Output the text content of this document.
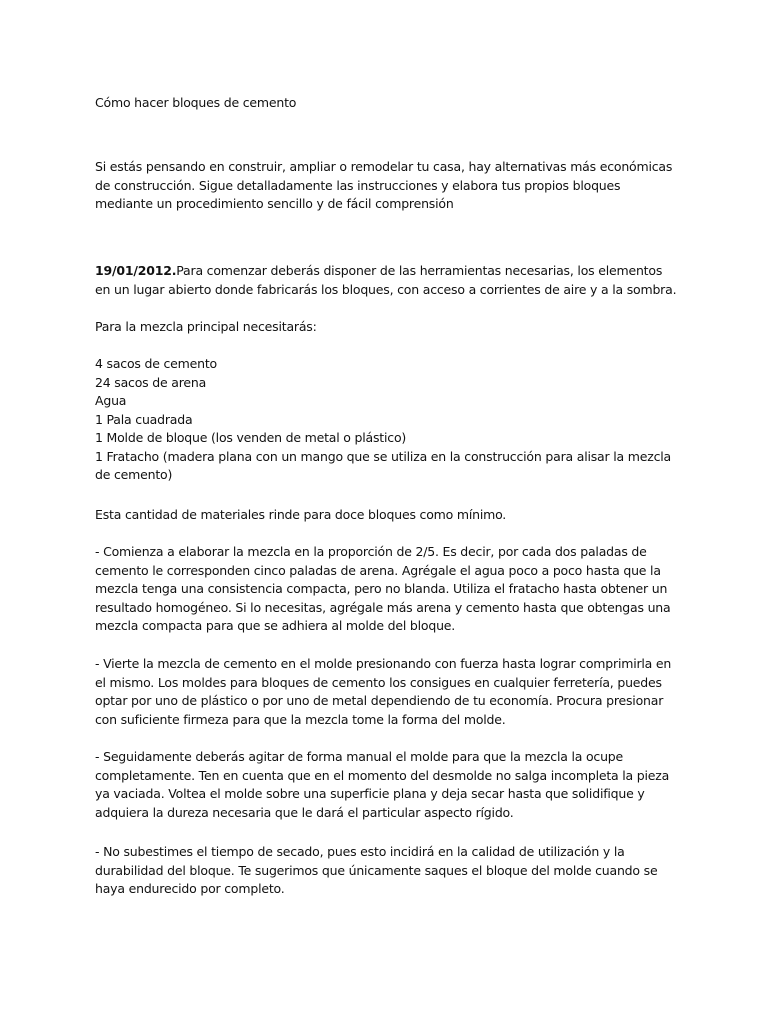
Cómo hacer bloques de cemento
Si estás pensando en construir, ampliar o remodelar tu casa, hay alternativas más económicas de construcción. Sigue detalladamente las instrucciones y elabora tus propios bloques mediante un procedimiento sencillo y de fácil comprensión
19/01/2012.Para comenzar deberás disponer de las herramientas necesarias, los elementos en un lugar abierto donde fabricarás los bloques, con acceso a corrientes de aire y a la sombra.
Para la mezcla principal necesitarás:
4 sacos de cemento
24 sacos de arena
Agua
1 Pala cuadrada
1 Molde de bloque (los venden de metal o plástico)
1 Fratacho (madera plana con un mango que se utiliza en la construcción para alisar la mezcla de cemento)
Esta cantidad de materiales rinde para doce bloques como mínimo.
- Comienza a elaborar la mezcla en la proporción de 2/5. Es decir, por cada dos paladas de cemento le corresponden cinco paladas de arena. Agrégale el agua poco a poco hasta que la mezcla tenga una consistencia compacta, pero no blanda. Utiliza el fratacho hasta obtener un resultado homogéneo. Si lo necesitas, agrégale más arena y cemento hasta que obtengas una mezcla compacta para que se adhiera al molde del bloque.
- Vierte la mezcla de cemento en el molde presionando con fuerza hasta lograr comprimirla en el mismo. Los moldes para bloques de cemento los consigues en cualquier ferretería, puedes optar por uno de plástico o por uno de metal dependiendo de tu economía. Procura presionar con suficiente firmeza para que la mezcla tome la forma del molde.
- Seguidamente deberás agitar de forma manual el molde para que la mezcla la ocupe completamente. Ten en cuenta que en el momento del desmolde no salga incompleta la pieza ya vaciada. Voltea el molde sobre una superficie plana y deja secar hasta que solidifique y adquiera la dureza necesaria que le dará el particular aspecto rígido.
- No subestimes el tiempo de secado, pues esto incidirá en la calidad de utilización y la durabilidad del bloque. Te sugerimos que únicamente saques el bloque del molde cuando se haya endurecido por completo.
